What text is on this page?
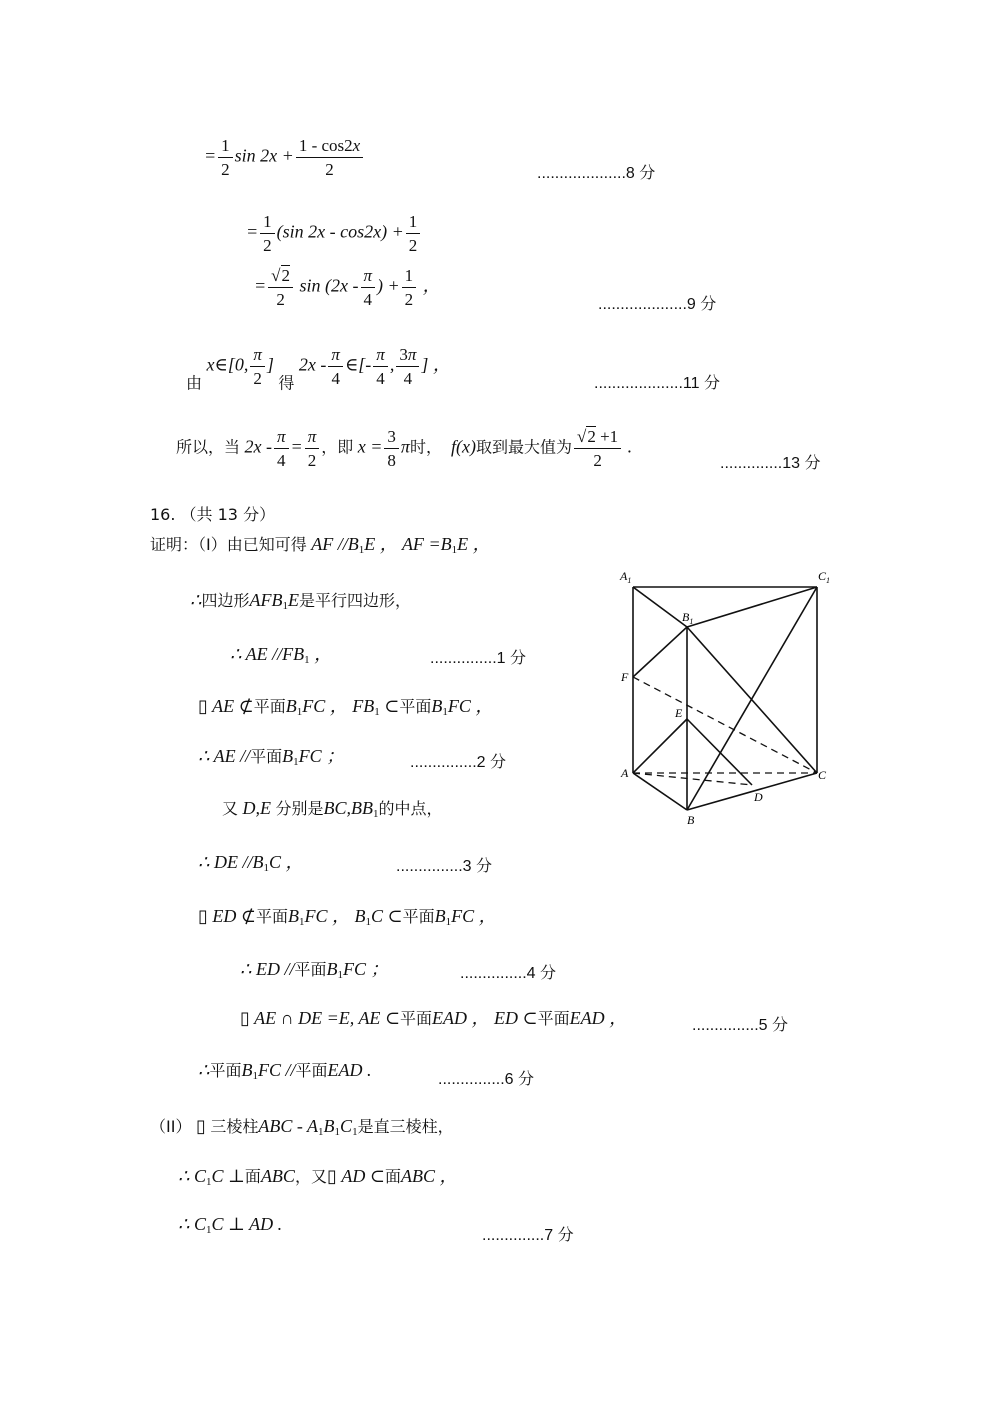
= $\frac{1}{2}$ $\sin 2x + \frac{1 - \cos 2x}{2}$	....................8 分
= $\frac{1}{2} (\sin$ $2x - \cos 2x) + \frac{1}{2}$
= $\frac{√2}{2}$ $\sin (2x - \frac{\pi}{4}$ ) + $\frac{1}{2}$ ，
....................9 分
由 x∈[0, $\frac{\pi}{2}$ ] 得 $2x - \frac{\pi}{4}$ ∈[- $\frac{\pi}{4}$ , $\frac{3\pi}{4}$ ] ，
....................11 分
所以，当 $2x - \frac{\pi}{4} = \frac{\pi}{2}$ ，即 $x = \frac{3}{8}$ π时， f(x)取到最大值为 $\frac{√2 +1}{2}$ .
..............13 分
16. （共 13 分）
证明：（Ⅰ）由已知可得 AF $//B_1E$ ， AF $=B_1E$ ，
∴四边形$AFB_1E$是平行四边形，
∴ AE $//FB_1$ ，	...............1 分
▯ AE ⊄平面$B_1FC$ ， $FB_1$ ⊂平面$B_1FC$ ，
∴ AE //平面$B_1FC$ ；	...............2 分
又 D,E 分别是$BC,BB_1$的中点，
∴ DE $//B_1C$ ，	...............3 分
▯ ED ⊄平面$B_1FC$ ， $B_1C$ ⊂平面$B_1FC$ ，
∴ ED //平面$B_1FC$ ；	...............4 分
▯ AE ∩ DE =E, AE ⊂平面EAD ， ED ⊂平面EAD ，	...............5 分
∴平面$B_1FC$ //平面EAD .	...............6 分
（II） ▯ 三棱柱ABC - $A_1B_1C_1$是直三棱柱，
∴ $C_1C$ ⊥面ABC，又▯ AD ⊂面ABC ，
∴ $C_1C$ ⊥ AD .
..............7 分
$A_1$	$C_1$
$B_1$
F
E
A	C
D
B
